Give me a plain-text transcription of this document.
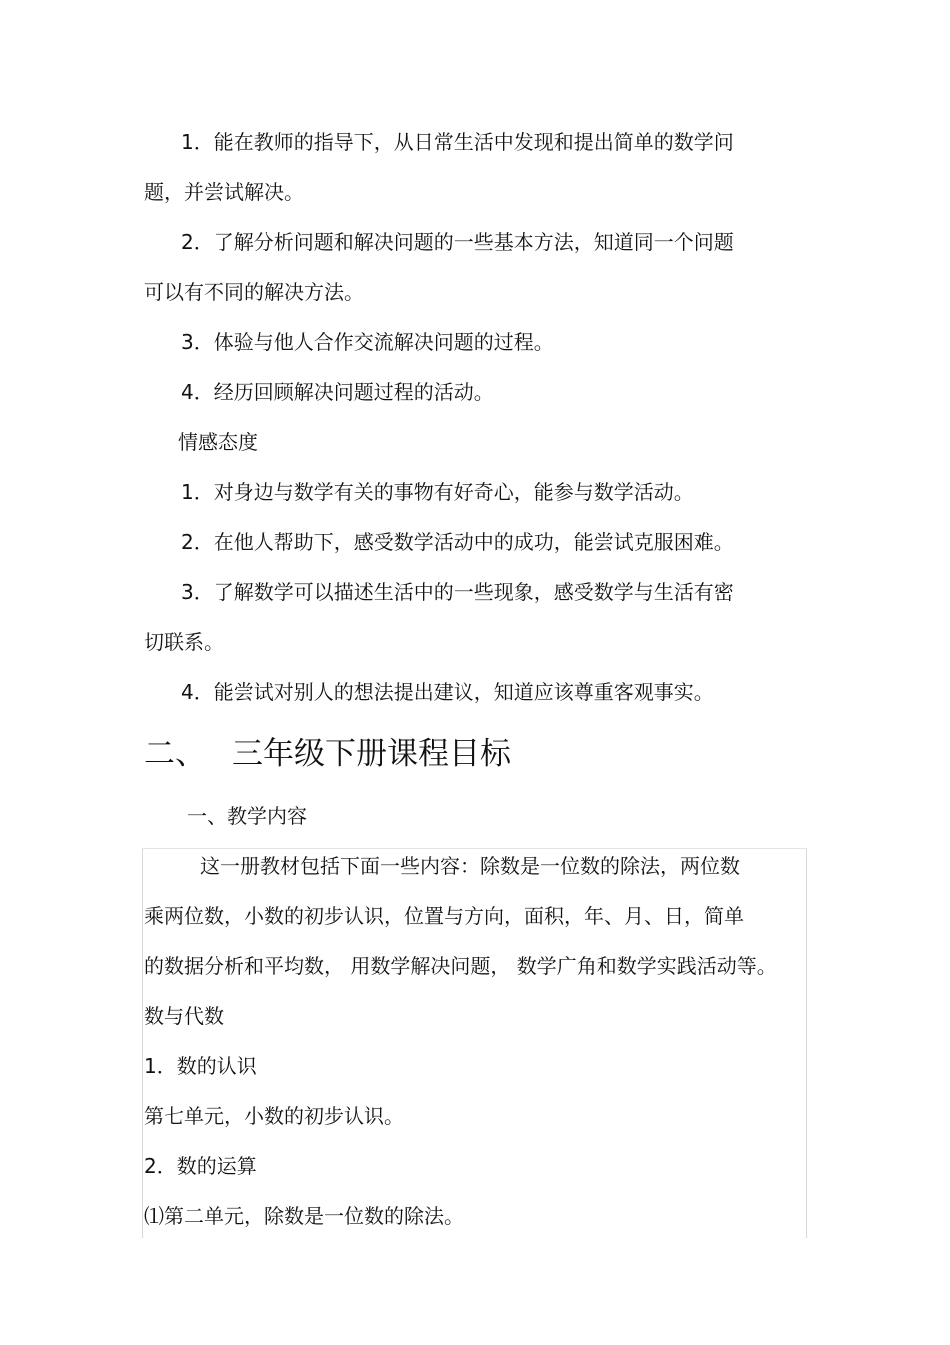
1．能在教师的指导下，从日常生活中发现和提出简单的数学问
题，并尝试解决。
2．了解分析问题和解决问题的一些基本方法，知道同一个问题
可以有不同的解决方法。
3．体验与他人合作交流解决问题的过程。
4．经历回顾解决问题过程的活动。
情感态度
1．对身边与数学有关的事物有好奇心，能参与数学活动。
2．在他人帮助下，感受数学活动中的成功，能尝试克服困难。
3．了解数学可以描述生活中的一些现象，感受数学与生活有密
切联系。
4．能尝试对别人的想法提出建议，知道应该尊重客观事实。
二、 三年级下册课程目标
一、教学内容
这一册教材包括下面一些内容：除数是一位数的除法，两位数
乘两位数，小数的初步认识，位置与方向，面积，年、月、日，简单
的数据分析和平均数， 用数学解决问题， 数学广角和数学实践活动等。
数与代数
1．数的认识
第七单元，小数的初步认识。
2．数的运算
⑴第二单元，除数是一位数的除法。
